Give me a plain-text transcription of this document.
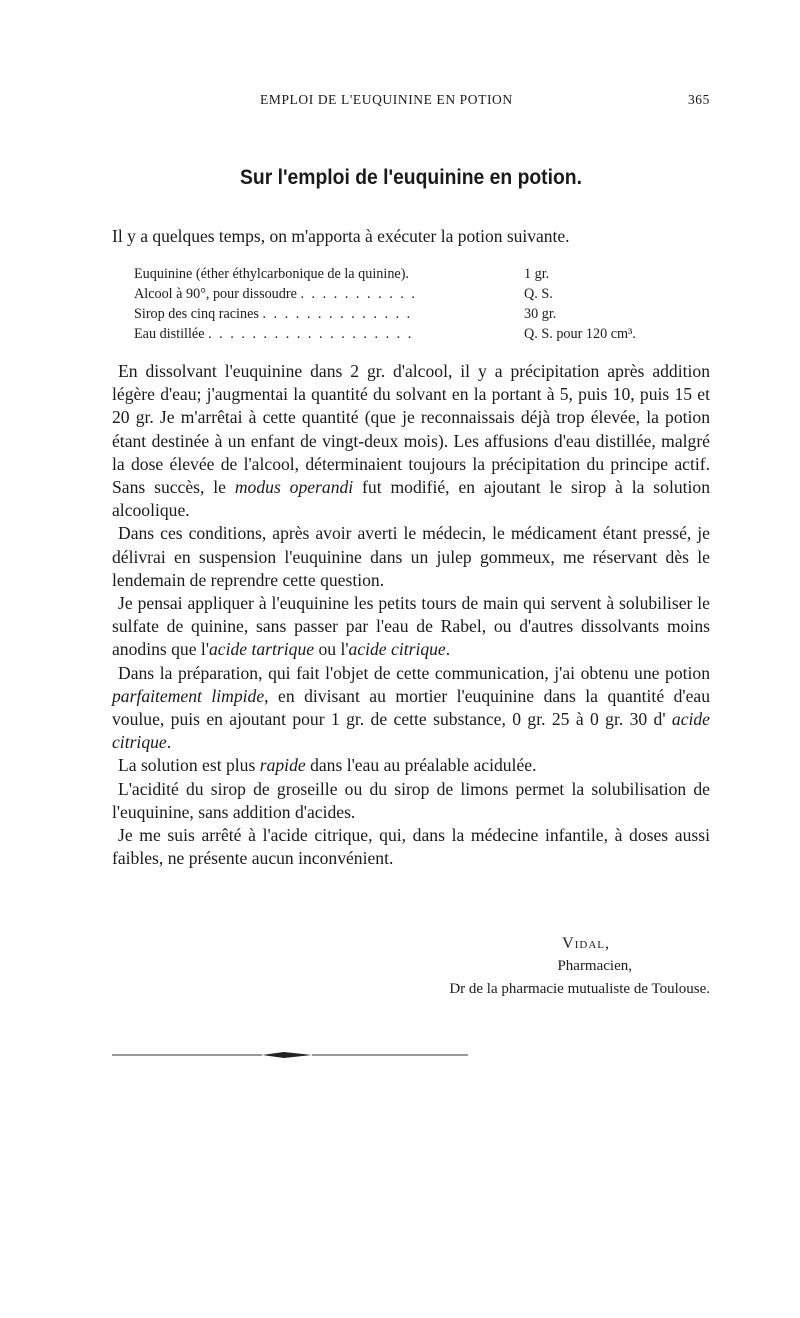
EMPLOI DE L'EUQUININE EN POTION	365
Sur l'emploi de l'euquinine en potion.
Il y a quelques temps, on m'apporta à exécuter la potion suivante.
Euquinine (éther éthylcarbonique de la quinine).	1 gr.
Alcool à 90°, pour dissoudre . . . . . . . . . . .	Q. S.
Sirop des cinq racines . . . . . . . . . . . . . .	30 gr.
Eau distillée . . . . . . . . . . . . . . . . . . .	Q. S. pour 120 cm³.

En dissolvant l'euquinine dans 2 gr. d'alcool, il y a précipitation après addition légère d'eau; j'augmentai la quantité du solvant en la portant à 5, puis 10, puis 15 et 20 gr. Je m'arrêtai à cette quantité (que je reconnaissais déjà trop élevée, la potion étant destinée à un enfant de vingt-deux mois). Les affusions d'eau distillée, malgré la dose élevée de l'alcool, déterminaient toujours la précipitation du principe actif. Sans succès, le modus operandi fut modifié, en ajoutant le sirop à la solution alcoolique.

Dans ces conditions, après avoir averti le médecin, le médicament étant pressé, je délivrai en suspension l'euquinine dans un julep gommeux, me réservant dès le lendemain de reprendre cette question.

Je pensai appliquer à l'euquinine les petits tours de main qui servent à solubiliser le sulfate de quinine, sans passer par l'eau de Rabel, ou d'autres dissolvants moins anodins que l'acide tartrique ou l'acide citrique.

Dans la préparation, qui fait l'objet de cette communication, j'ai obtenu une potion parfaitement limpide, en divisant au mortier l'euquinine dans la quantité d'eau voulue, puis en ajoutant pour 1 gr. de cette substance, 0 gr. 25 à 0 gr. 30 d' acide citrique.

La solution est plus rapide dans l'eau au préalable acidulée.

L'acidité du sirop de groseille ou du sirop de limons permet la solubilisation de l'euquinine, sans addition d'acides.

Je me suis arrêté à l'acide citrique, qui, dans la médecine infantile, à doses aussi faibles, ne présente aucun inconvénient.

Vidal,
Pharmacien,
Dr de la pharmacie mutualiste de Toulouse.
